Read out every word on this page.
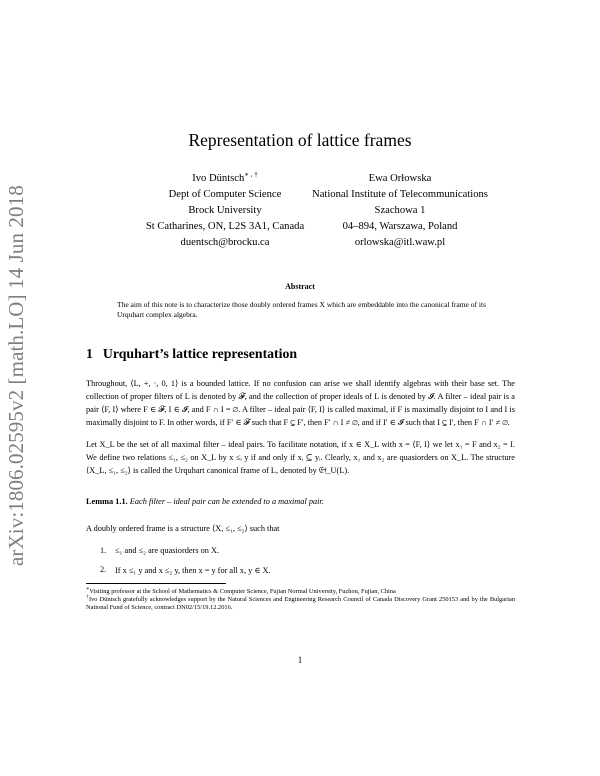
arXiv:1806.02595v2 [math.LO] 14 Jun 2018
Representation of lattice frames
Ivo Düntsch∗ , †
Dept of Computer Science
Brock University
St Catharines, ON, L2S 3A1, Canada
duentsch@brocku.ca
Ewa Orłowska
National Institute of Telecommunications
Szachowa 1
04–894, Warszawa, Poland
orlowska@itl.waw.pl
Abstract
The aim of this note is to characterize those doubly ordered frames X which are embeddable into the canonical frame of its Urquhart complex algebra.
1 Urquhart’s lattice representation
Throughout, ⟨L, +, ·, 0, 1⟩ is a bounded lattice. If no confusion can arise we shall identify algebras with their base set. The collection of proper filters of L is denoted by 𝓕, and the collection of proper ideals of L is denoted by 𝓘. A filter – ideal pair is a pair ⟨F, I⟩ where F ∈ 𝓕, I ∈ 𝓘, and F ∩ I = ∅. A filter – ideal pair ⟨F, I⟩ is called maximal, if F is maximally disjoint to I and I is maximally disjoint to F. In other words, if F′ ∈ 𝓕 such that F ⊊ F′, then F′ ∩ I ≠ ∅, and if I′ ∈ 𝓘 such that I ⊊ I′, then F ∩ I′ ≠ ∅.
Let X_L be the set of all maximal filter – ideal pairs. To facilitate notation, if x ∈ X_L with x = ⟨F, I⟩ we let x₁ = F and x₂ = I. We define two relations ≤₁, ≤₂ on X_L by x ≤ᵢ y if and only if xᵢ ⊆ yᵢ. Clearly, x₁ and x₂ are quasiorders on X_L. The structure ⟨X_L, ≤₁, ≤₂⟩ is called the Urquhart canonical frame of L, denoted by 𝔈𝔣_U(L).
Lemma 1.1. Each filter – ideal pair can be extended to a maximal pair.
A doubly ordered frame is a structure ⟨X, ≤₁, ≤₂⟩ such that
1.	≤₁ and ≤₂ are quasiorders on X.
2.	If x ≤₁ y and x ≤₂ y, then x = y for all x, y ∈ X.
∗Visiting professor at the School of Mathematics & Computer Science, Fujian Normal University, Fuzhou, Fujian, China
†Ivo Düntsch gratefully acknowledges support by the Natural Sciences and Engineering Research Council of Canada Discovery Grant 250153 and by the Bulgarian National Fund of Science, contract DN02/15/19.12.2016.
1
